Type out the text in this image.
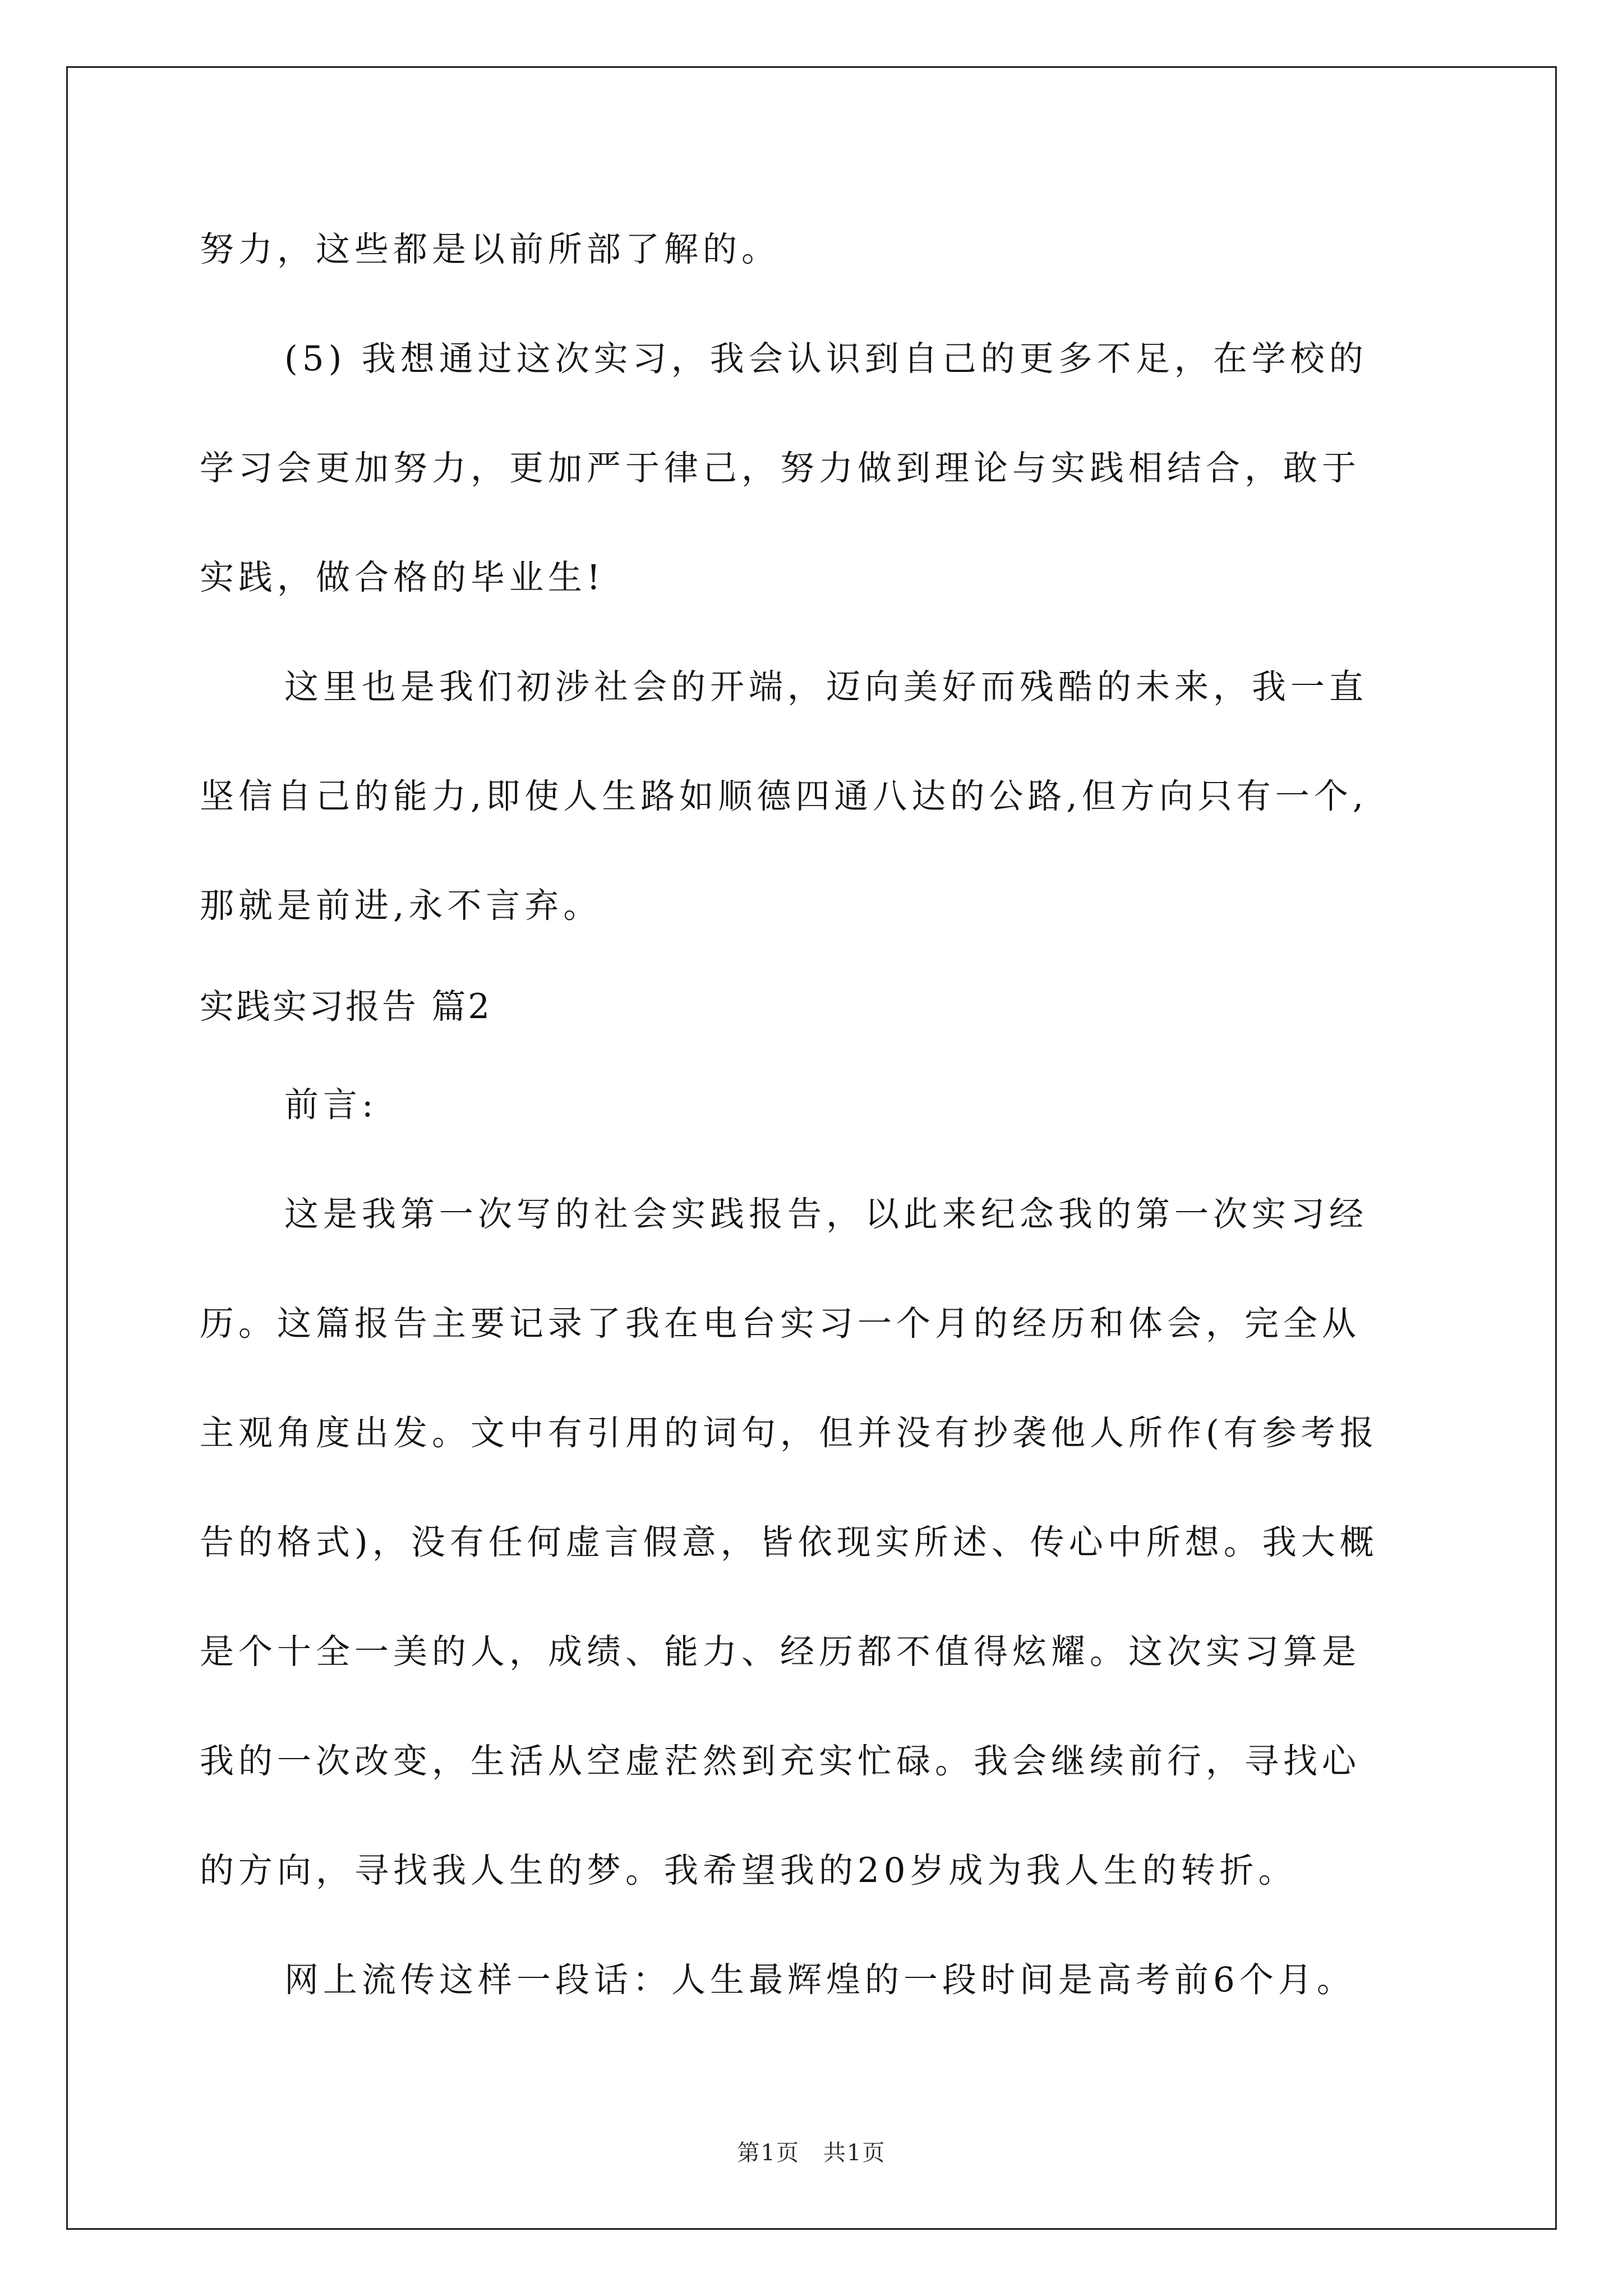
努力，这些都是以前所部了解的。
(5) 我想通过这次实习，我会认识到自己的更多不足，在学校的
学习会更加努力，更加严于律己，努力做到理论与实践相结合，敢于
实践，做合格的毕业生!
这里也是我们初涉社会的开端，迈向美好而残酷的未来，我一直
坚信自己的能力,即使人生路如顺德四通八达的公路,但方向只有一个,
那就是前进,永不言弃。
实践实习报告 篇2
前言:
这是我第一次写的社会实践报告，以此来纪念我的第一次实习经
历。这篇报告主要记录了我在电台实习一个月的经历和体会，完全从
主观角度出发。文中有引用的词句，但并没有抄袭他人所作(有参考报
告的格式)，没有任何虚言假意，皆依现实所述、传心中所想。我大概
是个十全一美的人，成绩、能力、经历都不值得炫耀。这次实习算是
我的一次改变，生活从空虚茫然到充实忙碌。我会继续前行，寻找心
的方向，寻找我人生的梦。我希望我的20岁成为我人生的转折。
网上流传这样一段话：人生最辉煌的一段时间是高考前6个月。
第1页　共1页
